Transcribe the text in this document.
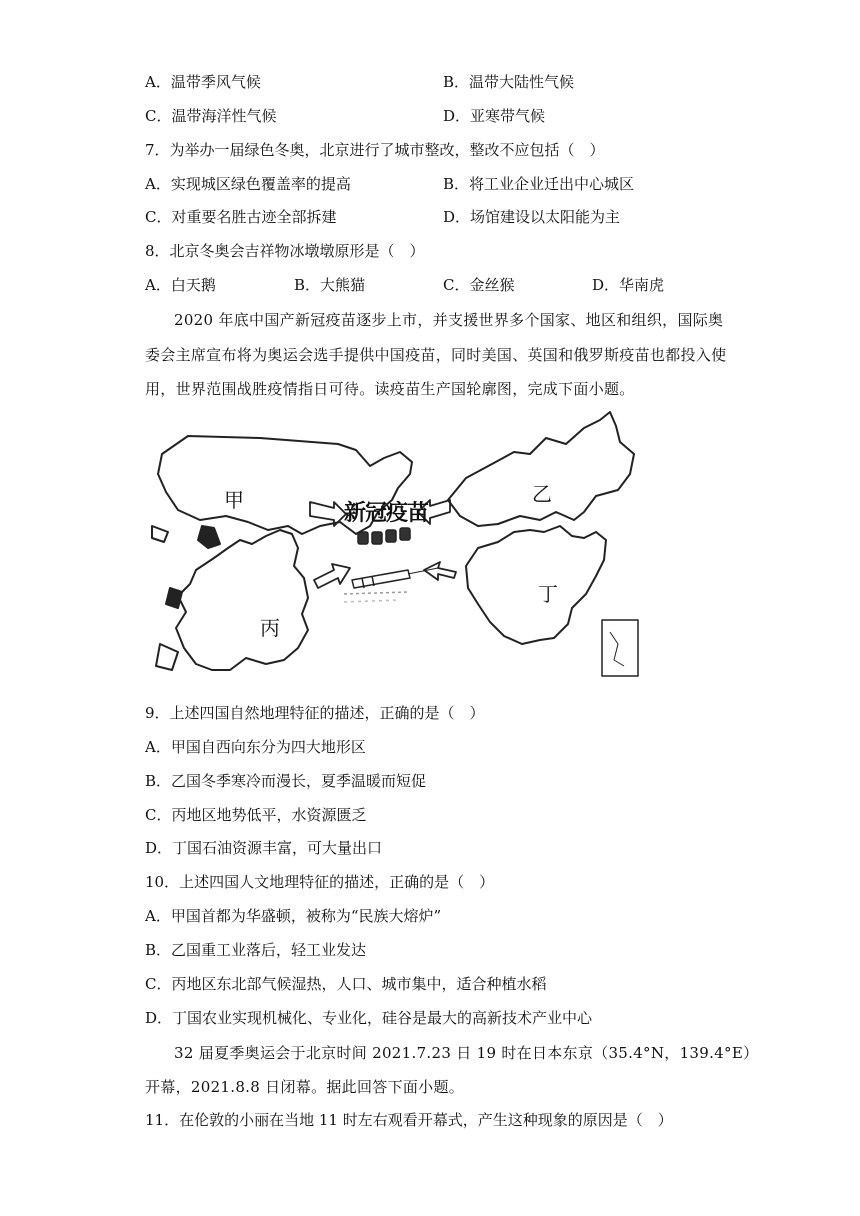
A．温带季风气候	B．温带大陆性气候
C．温带海洋性气候	D．亚寒带气候
7．为举办一届绿色冬奥，北京进行了城市整改，整改不应包括（　）
A．实现城区绿色覆盖率的提高	B．将工业企业迁出中心城区
C．对重要名胜古迹全部拆建	D．场馆建设以太阳能为主
8．北京冬奥会吉祥物冰墩墩原形是（　）
A．白天鹅	B．大熊猫	C．金丝猴	D．华南虎
2020 年底中国产新冠疫苗逐步上市，并支援世界多个国家、地区和组织，国际奥
委会主席宣布将为奥运会选手提供中国疫苗，同时美国、英国和俄罗斯疫苗也都投入使
用，世界范围战胜疫情指日可待。读疫苗生产国轮廓图，完成下面小题。
甲	乙
丙
丁
新冠疫苗
9．上述四国自然地理特征的描述，正确的是（　）
A．甲国自西向东分为四大地形区
B．乙国冬季寒冷而漫长，夏季温暖而短促
C．丙地区地势低平，水资源匮乏
D．丁国石油资源丰富，可大量出口
10．上述四国人文地理特征的描述，正确的是（　）
A．甲国首都为华盛顿，被称为“民族大熔炉”
B．乙国重工业落后，轻工业发达
C．丙地区东北部气候湿热，人口、城市集中，适合种植水稻
D．丁国农业实现机械化、专业化，硅谷是最大的高新技术产业中心
32 届夏季奥运会于北京时间 2021.7.23 日 19 时在日本东京（35.4°N，139.4°E）
开幕，2021.8.8 日闭幕。据此回答下面小题。
11．在伦敦的小丽在当地 11 时左右观看开幕式，产生这种现象的原因是（　）
